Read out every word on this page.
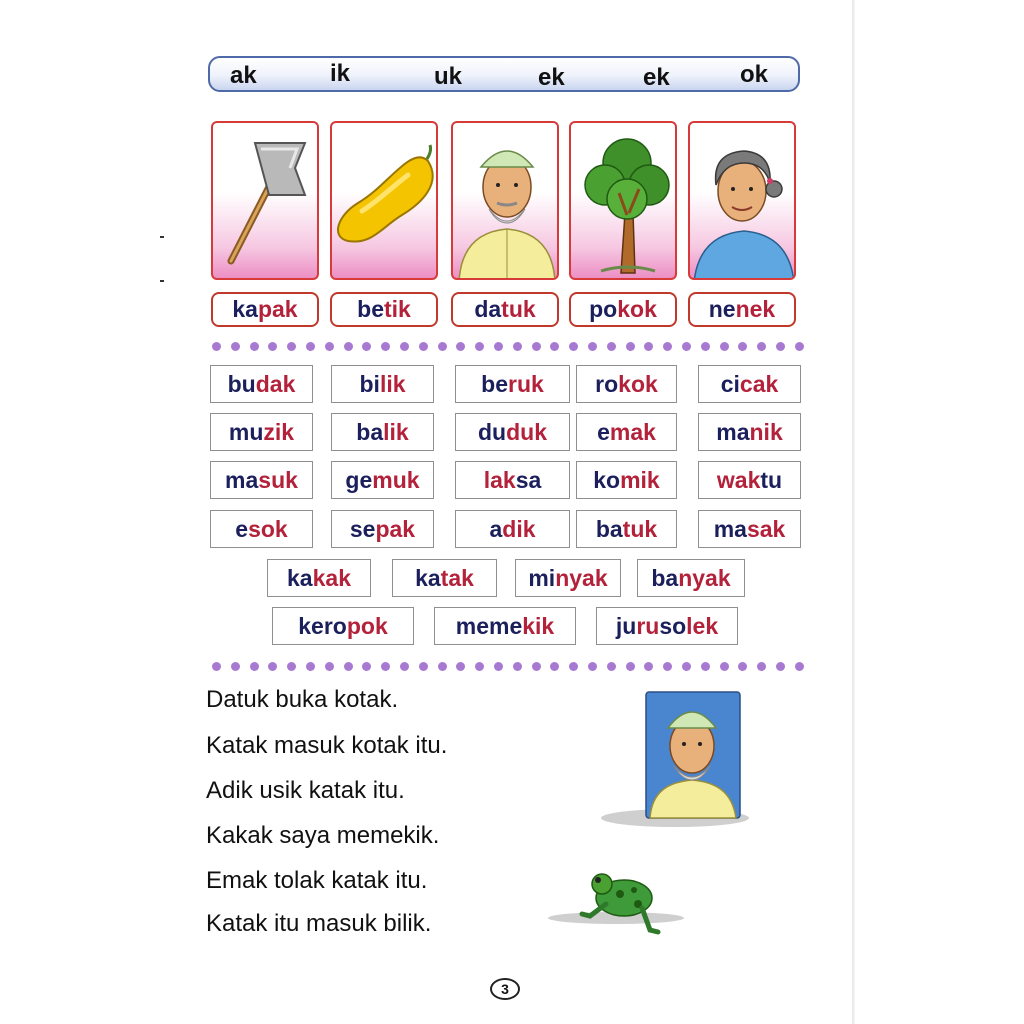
ak	ik	uk	ek	ek	ok
kapak	betik	datuk	pokok	nenek
budak	bilik	beruk	rokok	cicak
muzik	balik	duduk	emak	manik
masuk	gemuk	laksa	komik	waktu
esok	sepak	adik	batuk	masak
kakak	katak	minyak	banyak
keropok	memekik	jurusolek
Datuk buka kotak.
Katak masuk kotak itu.
Adik usik katak itu.
Kakak saya memekik.
Emak tolak katak itu.
Katak itu masuk bilik.
3
